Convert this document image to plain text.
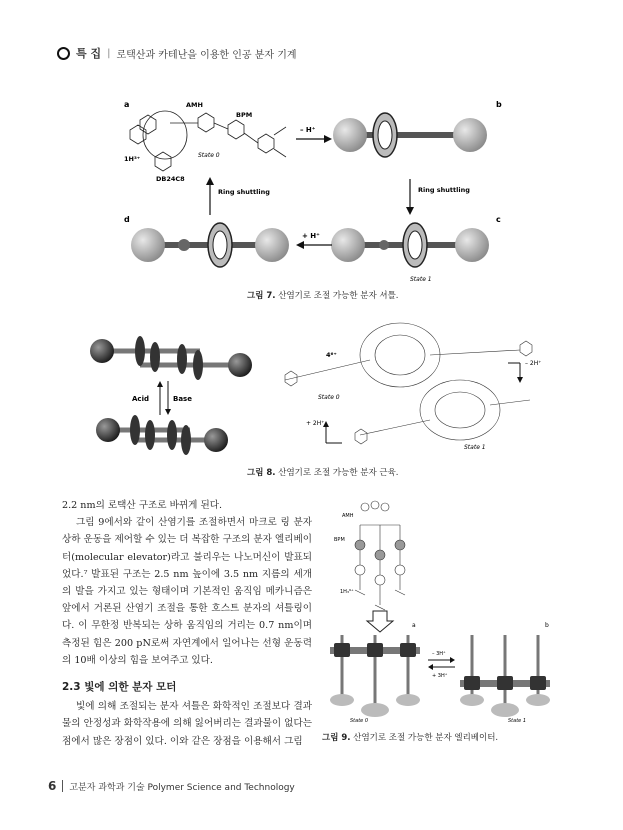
특 집 | 로택산과 카테난을 이용한 인공 분자 기계
a	b
c
d
AMH
BPM
1H³⁺
DB24C8
State 0
– H⁺
Ring shuttling
Ring shuttling
State 1
+ H⁺
그림 7. 산염기로 조절 가능한 분자 셔틀.
Acid	Base
4⁶⁺
– 2H⁺
State 0
+ 2H⁺
State 1
그림 8. 산염기로 조절 가능한 분자 근육.

2.2 nm의 로택산 구조로 바뀌게 된다.

그림 9에서와 같이 산염기를 조절하면서 마크로 링 분자 상하 운동을 제어할 수 있는 더 복잡한 구조의 분자 엘리베이터(molecular elevator)라고 불리우는 나노머신이 발표되었다.⁷ 발표된 구조는 2.5 nm 높이에 3.5 nm 지름의 세개의 발을 가지고 있는 형태이며 기본적인 움직임 메카니즘은 앞에서 거론된 산염기 조절을 통한 호스트 분자의 셔틀링이다. 이 무한정 반복되는 상하 움직임의 거리는 0.7 nm이며 측정된 힘은 200 pN로써 자연계에서 일어나는 선형 운동력의 10배 이상의 힘을 보여주고 있다.

2.3 빛에 의한 분자 모터

빛에 의해 조절되는 분자 셔틀은 화학적인 조절보다 결과물의 안정성과 화학작용에 의해 잃어버리는 결과물이 없다는 점에서 많은 장점이 있다. 이와 같은 장점을 이용해서 그림

AMH
BPM
1H₃⁹⁺
a	b
State 0
– 3H⁺
+ 3H⁺
State 1
그림 9. 산염기로 조절 가능한 분자 엘리베이터.
6 고분자 과학과 기술 Polymer Science and Technology
